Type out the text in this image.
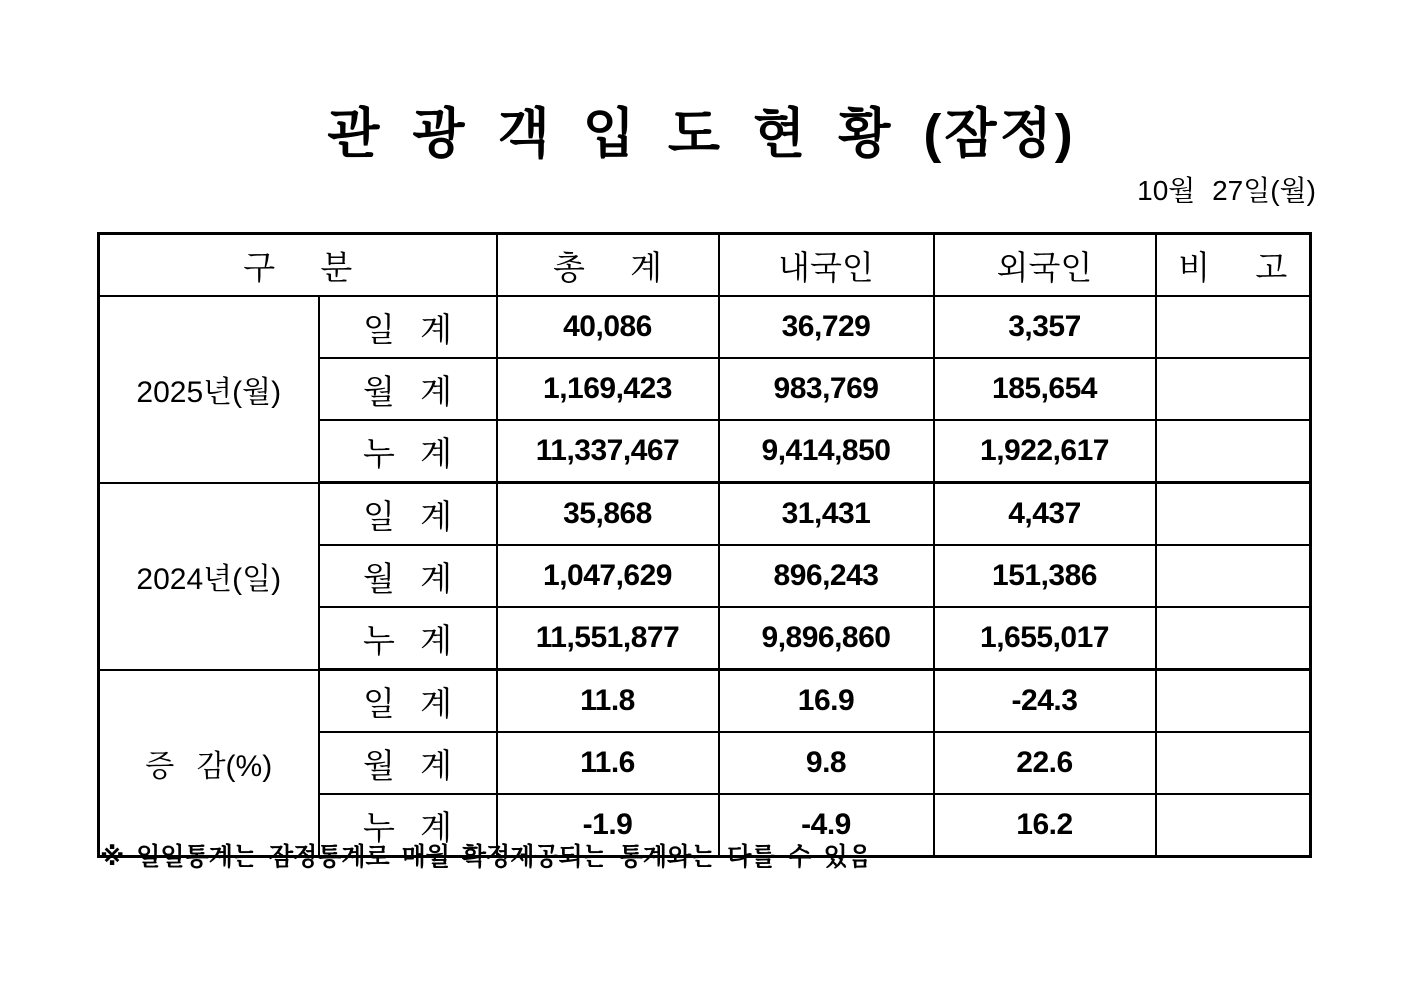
관 광 객 입 도 현 황 (잠정)
10월 27일(월)
구 분		총 계	내국인	외국인	비 고
2025년(월)	일 계	40,086	36,729	3,357	
	월 계	1,169,423	983,769	185,654	
	누 계	11,337,467	9,414,850	1,922,617	
2024년(일)	일 계	35,868	31,431	4,437	
	월 계	1,047,629	896,243	151,386	
	누 계	11,551,877	9,896,860	1,655,017	
증 감(%)	일 계	11.8	16.9	-24.3	
	월 계	11.6	9.8	22.6	
	누 계	-1.9	-4.9	16.2	
※ 일일통계는 잠정통계로 매월 확정제공되는 통계와는 다를 수 있음
